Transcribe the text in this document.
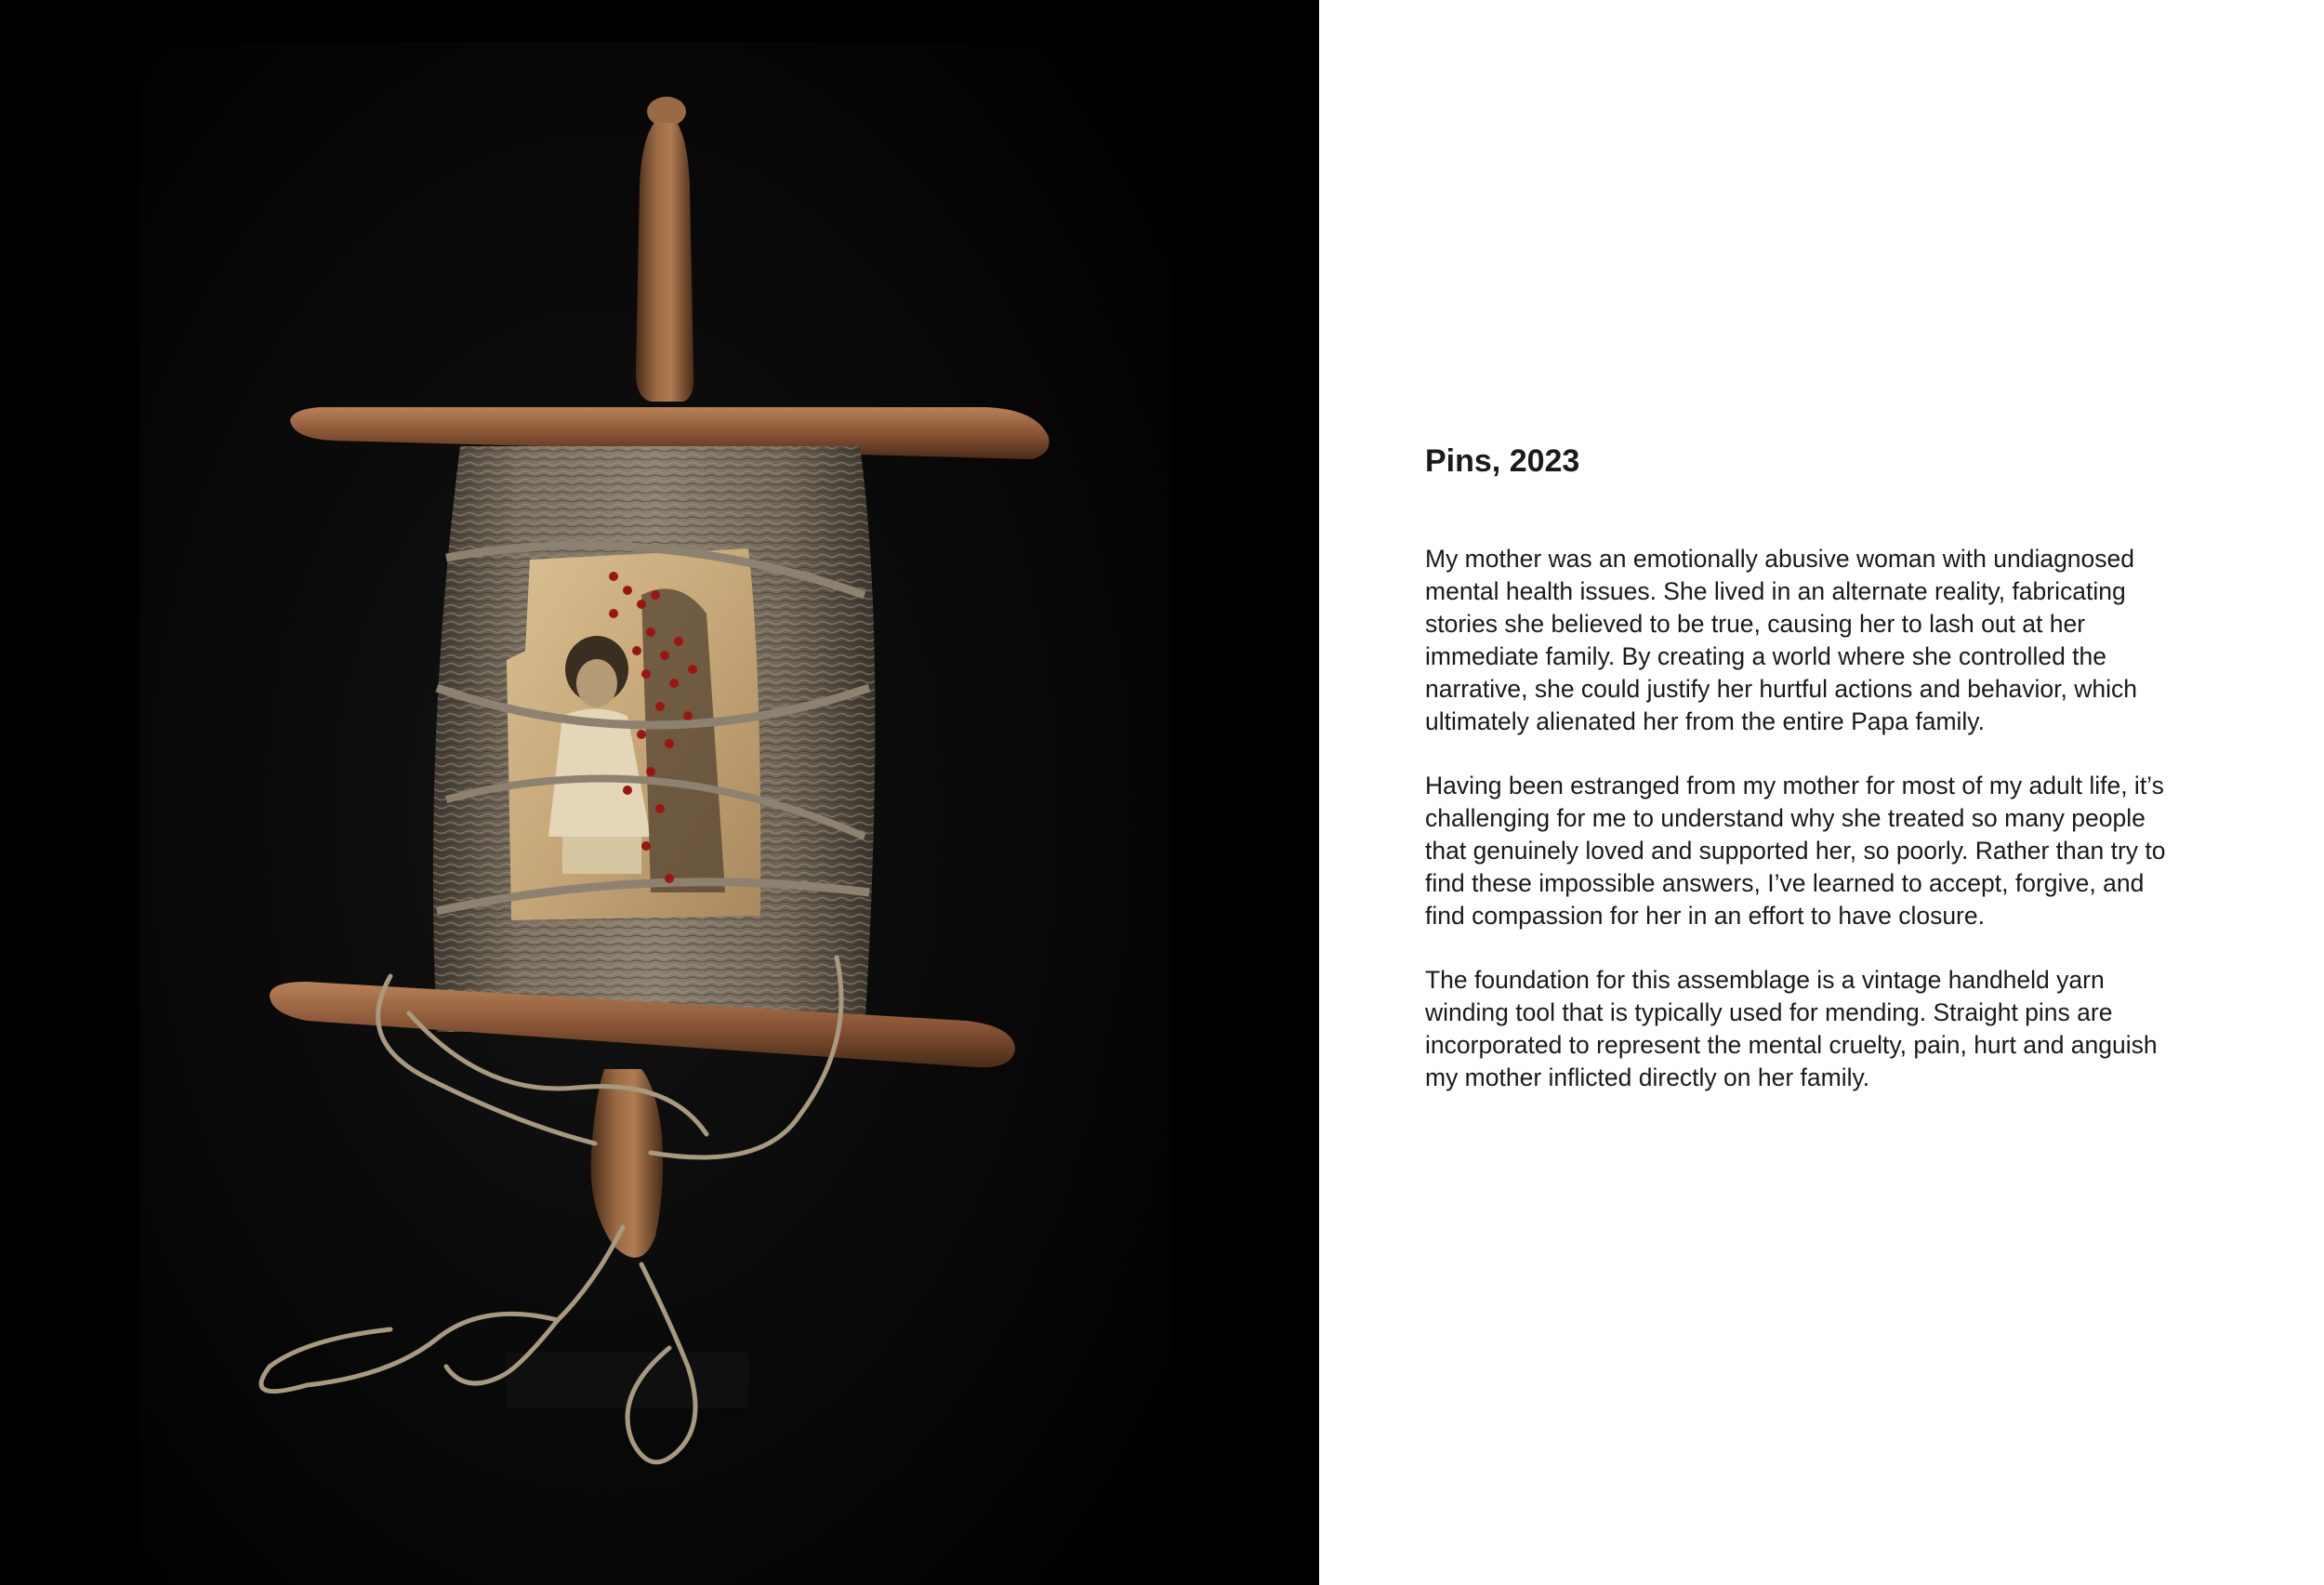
Pins, 2023

My mother was an emotionally abusive woman with undiagnosed
mental health issues. She lived in an alternate reality, fabricating
stories she believed to be true, causing her to lash out at her
immediate family. By creating a world where she controlled the
narrative, she could justify her hurtful actions and behavior, which
ultimately alienated her from the entire Papa family.

Having been estranged from my mother for most of my adult life, it’s
challenging for me to understand why she treated so many people
that genuinely loved and supported her, so poorly. Rather than try to
find these impossible answers, I’ve learned to accept, forgive, and
find compassion for her in an effort to have closure.

The foundation for this assemblage is a vintage handheld yarn
winding tool that is typically used for mending. Straight pins are
incorporated to represent the mental cruelty, pain, hurt and anguish
my mother inflicted directly on her family.
